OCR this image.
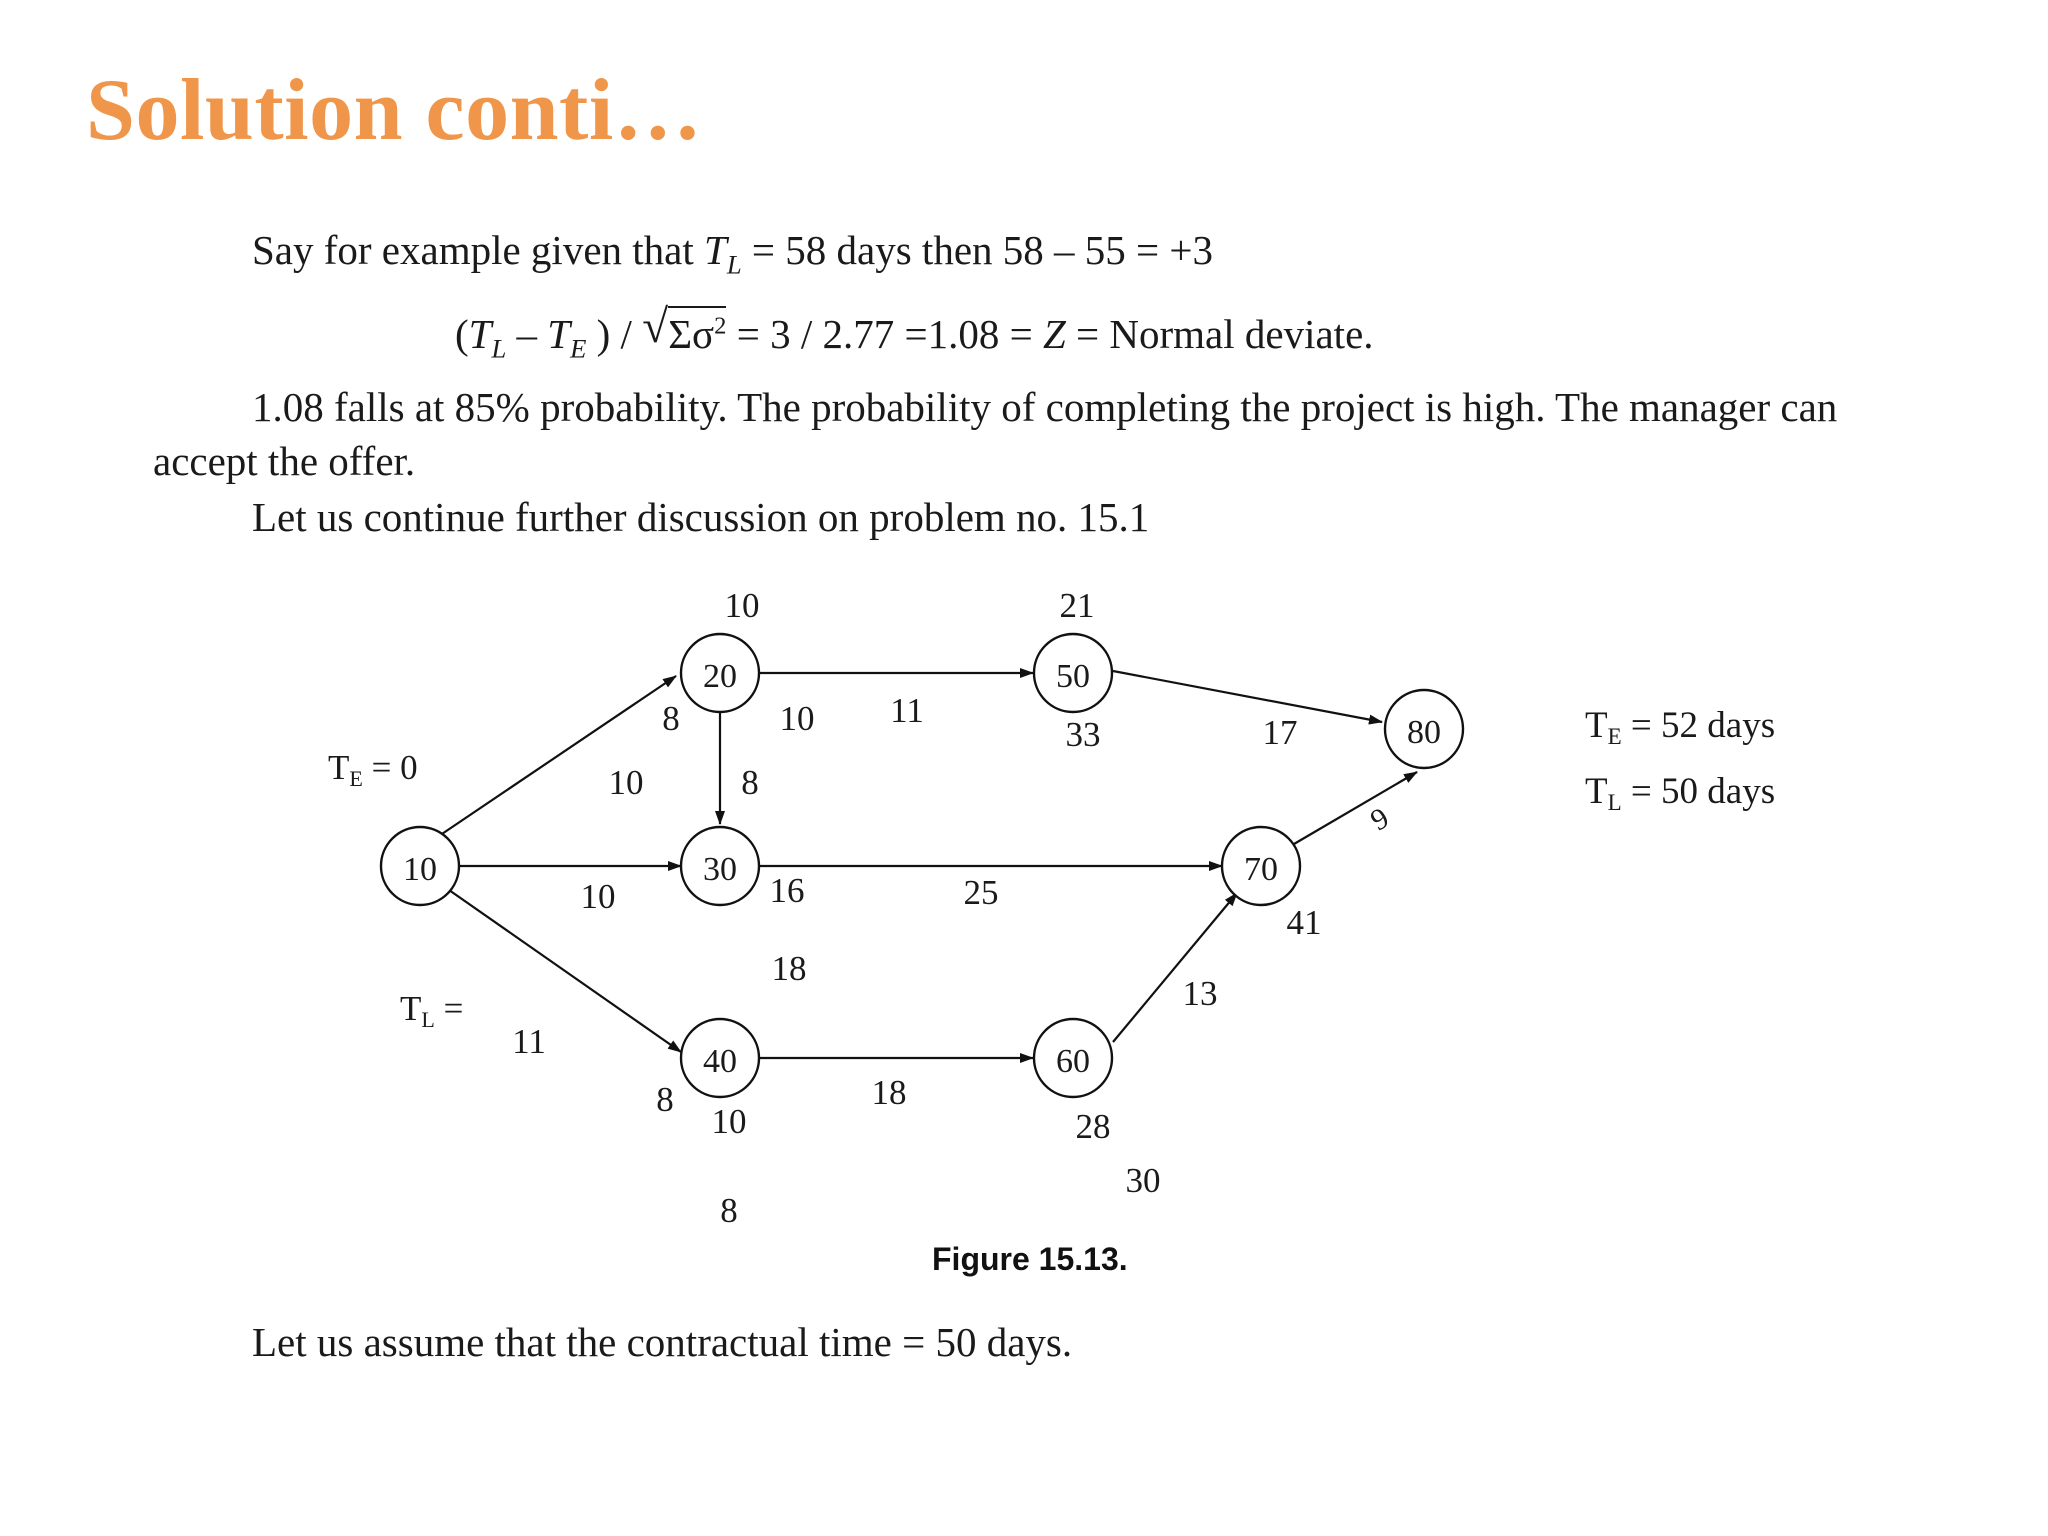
Solution conti…
Say for example given that $T_L = 58$ days then 58 – 55 = +3
($T_L - T_E$ ) / √ $\Sigma\sigma^2 = 3 / 2.77 =1.08 = Z$ = Normal deviate.
1.08 falls at 85% probability. The probability of completing the project is high. The manager can
accept the offer.
Let us continue further discussion on problem no. 15.1
10
20
30
40
50
60
70
80
10	21
8	10 11
33	17
10	8
10	16	25
9
41
18
13
11
8
10
18
28
30
8
$T_E = 0$
$T_L$ =
TE = 52 days
TL = 50 days
Figure 15.13.
Let us assume that the contractual time = 50 days.
